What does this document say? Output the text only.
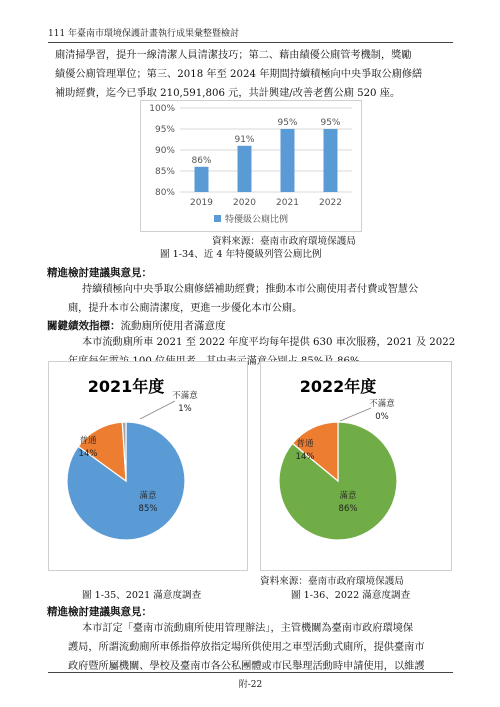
111 年臺南市環境保護計畫執行成果彙整暨檢討
廁清掃學習，提升一線清潔人員清潔技巧；第二、藉由績優公廁管考機制，獎勵
績優公廁管理單位；第三、2018 年至 2024 年期間持續積極向中央爭取公廁修繕
補助經費，迄今已爭取 210,591,806 元，共計興建/改善老舊公廁 520 座。
80%
85%
90%
95%
100%
86%
91%
95%	95%
2019 2020 2021 2022
特優級公廁比例
資料來源：臺南市政府環境保護局
圖 1-34、近 4 年特優級列管公廁比例
精進檢討建議與意見：
持續積極向中央爭取公廁修繕補助經費；推動本市公廁使用者付費或智慧公
廁，提升本市公廁清潔度，更進一步優化本市公廁。
關鍵績效指標：流動廁所使用者滿意度
本市流動廁所車 2021 至 2022 年度平均每年提供 630 車次服務，2021 及 2022
2021年度
滿意
85%
普通
14%
不滿意
1%
2022年度
滿意
86%
普通
14%
不滿意
0%
資料來源：臺南市政府環境保護局
圖 1-35、2021 滿意度調查	圖 1-36、2022 滿意度調查
精進檢討建議與意見：
本市訂定「臺南市流動廁所使用管理辦法」，主管機關為臺南市政府環境保
護局，所謂流動廁所車係指停放指定場所供使用之車型活動式廁所，提供臺南市
政府暨所屬機關、學校及臺南市各公私團體或市民舉理活動時申請使用，以維護
附-22
